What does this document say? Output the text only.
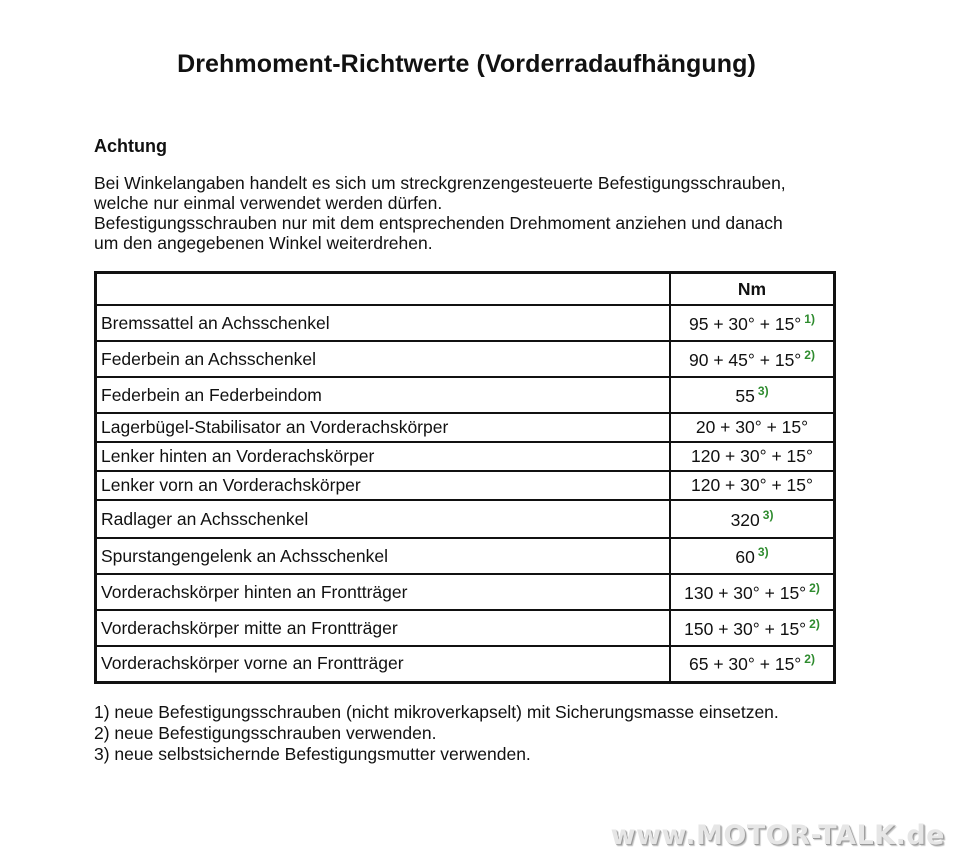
Drehmoment-Richtwerte (Vorderradaufhängung)
Achtung

Bei Winkelangaben handelt es sich um streckgrenzengesteuerte Befestigungsschrauben,

welche nur einmal verwendet werden dürfen.

Befestigungsschrauben nur mit dem entsprechenden Drehmoment anziehen und danach

um den angegebenen Winkel weiterdrehen.

	Nm
Bremssattel an Achsschenkel	95 + 30° + 15° $^{1)}$
Federbein an Achsschenkel	90 + 45° + 15° $^{2)}$
Federbein an Federbeindom	55 $^{3)}$
Lagerbügel-Stabilisator an Vorderachskörper	20 + 30° + 15°
Lenker hinten an Vorderachskörper	120 + 30° + 15°
Lenker vorn an Vorderachskörper	120 + 30° + 15°
Radlager an Achsschenkel	320 $^{3)}$
Spurstangengelenk an Achsschenkel	60 $^{3)}$
Vorderachskörper hinten an Frontträger	130 + 30° + 15° $^{2)}$
Vorderachskörper mitte an Frontträger	150 + 30° + 15° $^{2)}$
Vorderachskörper vorne an Frontträger	65 + 30° + 15° $^{2)}$
1) neue Befestigungsschrauben (nicht mikroverkapselt) mit Sicherungsmasse einsetzen.
2) neue Befestigungsschrauben verwenden.
3) neue selbstsichernde Befestigungsmutter verwenden.
www.MOTOR-TALK.de
